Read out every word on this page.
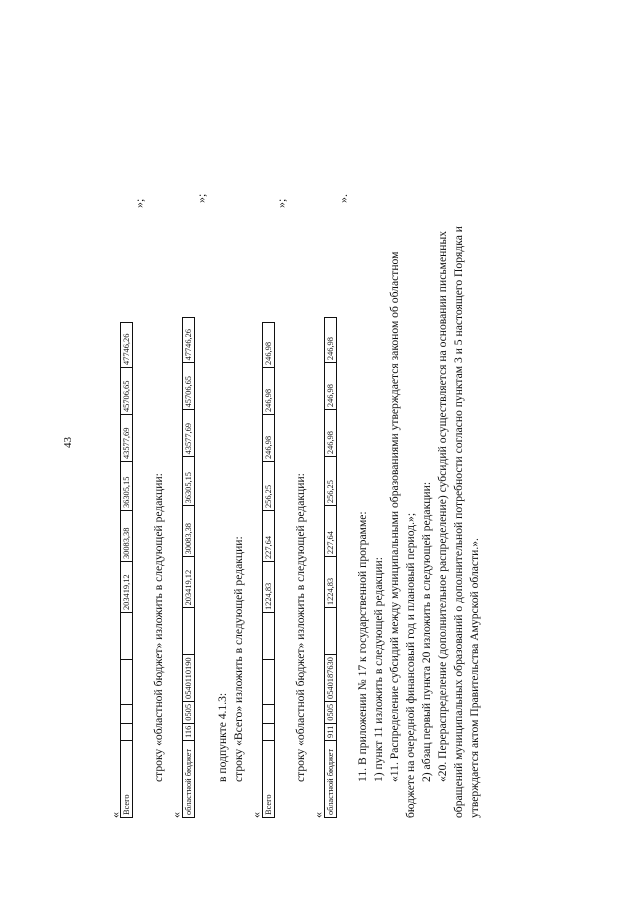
43
« Всего					203419,12	30083,38	36305,15	43577,69	45706,65	47746,26
»;
строку «областной бюджет» изложить в следующей редакции:
« областной бюджет	116	0505	0540110190		203419,12	30083,38	36305,15	43577,69	45706,65	47746,26
»;
в подпункте 4.1.3: строку «Всего» изложить в следующей редакции:
« Всего					1224,83	227,64	256,25	246,98	246,98	246,98
»;
строку «областной бюджет» изложить в следующей редакции:
« областной бюджет	911	0505	0540187630		1224,83	227,64	256,25	246,98	246,98	246,98
».
11. В приложении № 17 к государственной программе: 1) пункт 11 изложить в следующей редакции: «11. Распределение субсидий между муниципальными образованиями утверждается законом об областном бюджете на очередной финансовый год и плановый период.»; 2) абзац первый пункта 20 изложить в следующей редакции: «20. Перераспределение (дополнительное распределение) субсидий осуществляется на основании письменных обращений муниципальных образований о дополнительной потребности согласно пунктам 3 и 5 настоящего Порядка и утверждается актом Правительства Амурской области.».
